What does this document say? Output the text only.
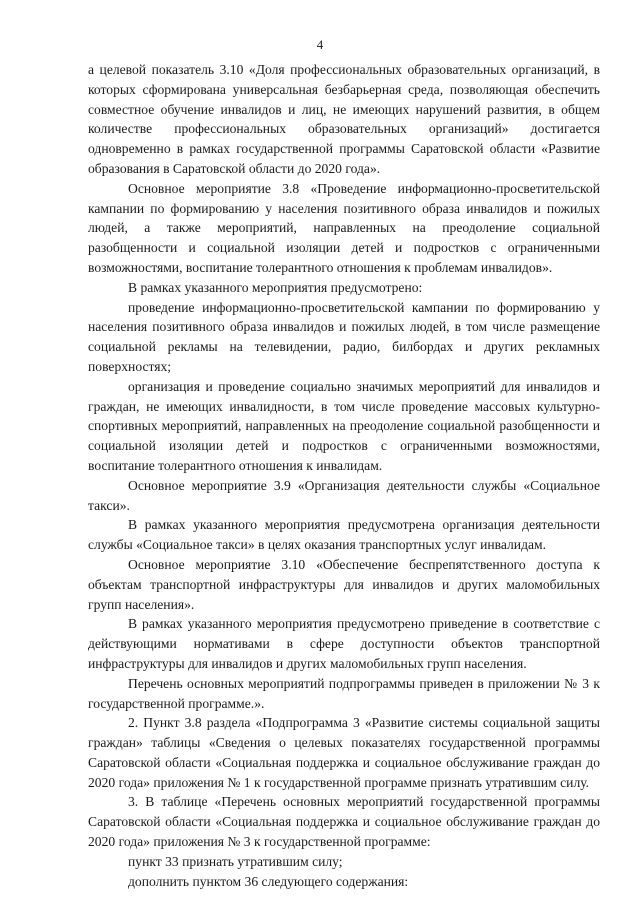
4

а целевой показатель 3.10 «Доля профессиональных образовательных организаций, в которых сформирована универсальная безбарьерная среда, позволяющая обеспечить совместное обучение инвалидов и лиц, не имеющих нарушений развития, в общем количестве профессиональных образовательных организаций» достигается одновременно в рамках государственной программы Саратовской области «Развитие образования в Саратовской области до 2020 года».

Основное мероприятие 3.8 «Проведение информационно-просветительской кампании по формированию у населения позитивного образа инвалидов и пожилых людей, а также мероприятий, направленных на преодоление социальной разобщенности и социальной изоляции детей и подростков с ограниченными возможностями, воспитание толерантного отношения к проблемам инвалидов».

В рамках указанного мероприятия предусмотрено:

проведение информационно-просветительской кампании по формированию у населения позитивного образа инвалидов и пожилых людей, в том числе размещение социальной рекламы на телевидении, радио, билбордах и других рекламных поверхностях;

организация и проведение социально значимых мероприятий для инвалидов и граждан, не имеющих инвалидности, в том числе проведение массовых культурно-спортивных мероприятий, направленных на преодоление социальной разобщенности и социальной изоляции детей и подростков с ограниченными возможностями, воспитание толерантного отношения к инвалидам.

Основное мероприятие 3.9 «Организация деятельности службы «Социальное такси».

В рамках указанного мероприятия предусмотрена организация деятельности службы «Социальное такси» в целях оказания транспортных услуг инвалидам.

Основное мероприятие 3.10 «Обеспечение беспрепятственного доступа к объектам транспортной инфраструктуры для инвалидов и других маломобильных групп населения».

В рамках указанного мероприятия предусмотрено приведение в соответствие с действующими нормативами в сфере доступности объектов транспортной инфраструктуры для инвалидов и других маломобильных групп населения.

Перечень основных мероприятий подпрограммы приведен в приложении № 3 к государственной программе.».

2. Пункт 3.8 раздела «Подпрограмма 3 «Развитие системы социальной защиты граждан» таблицы «Сведения о целевых показателях государственной программы Саратовской области «Социальная поддержка и социальное обслуживание граждан до 2020 года» приложения № 1 к государственной программе признать утратившим силу.

3. В таблице «Перечень основных мероприятий государственной программы Саратовской области «Социальная поддержка и социальное обслуживание граждан до 2020 года» приложения № 3 к государственной программе:

пункт 33 признать утратившим силу;

дополнить пунктом 36 следующего содержания:
